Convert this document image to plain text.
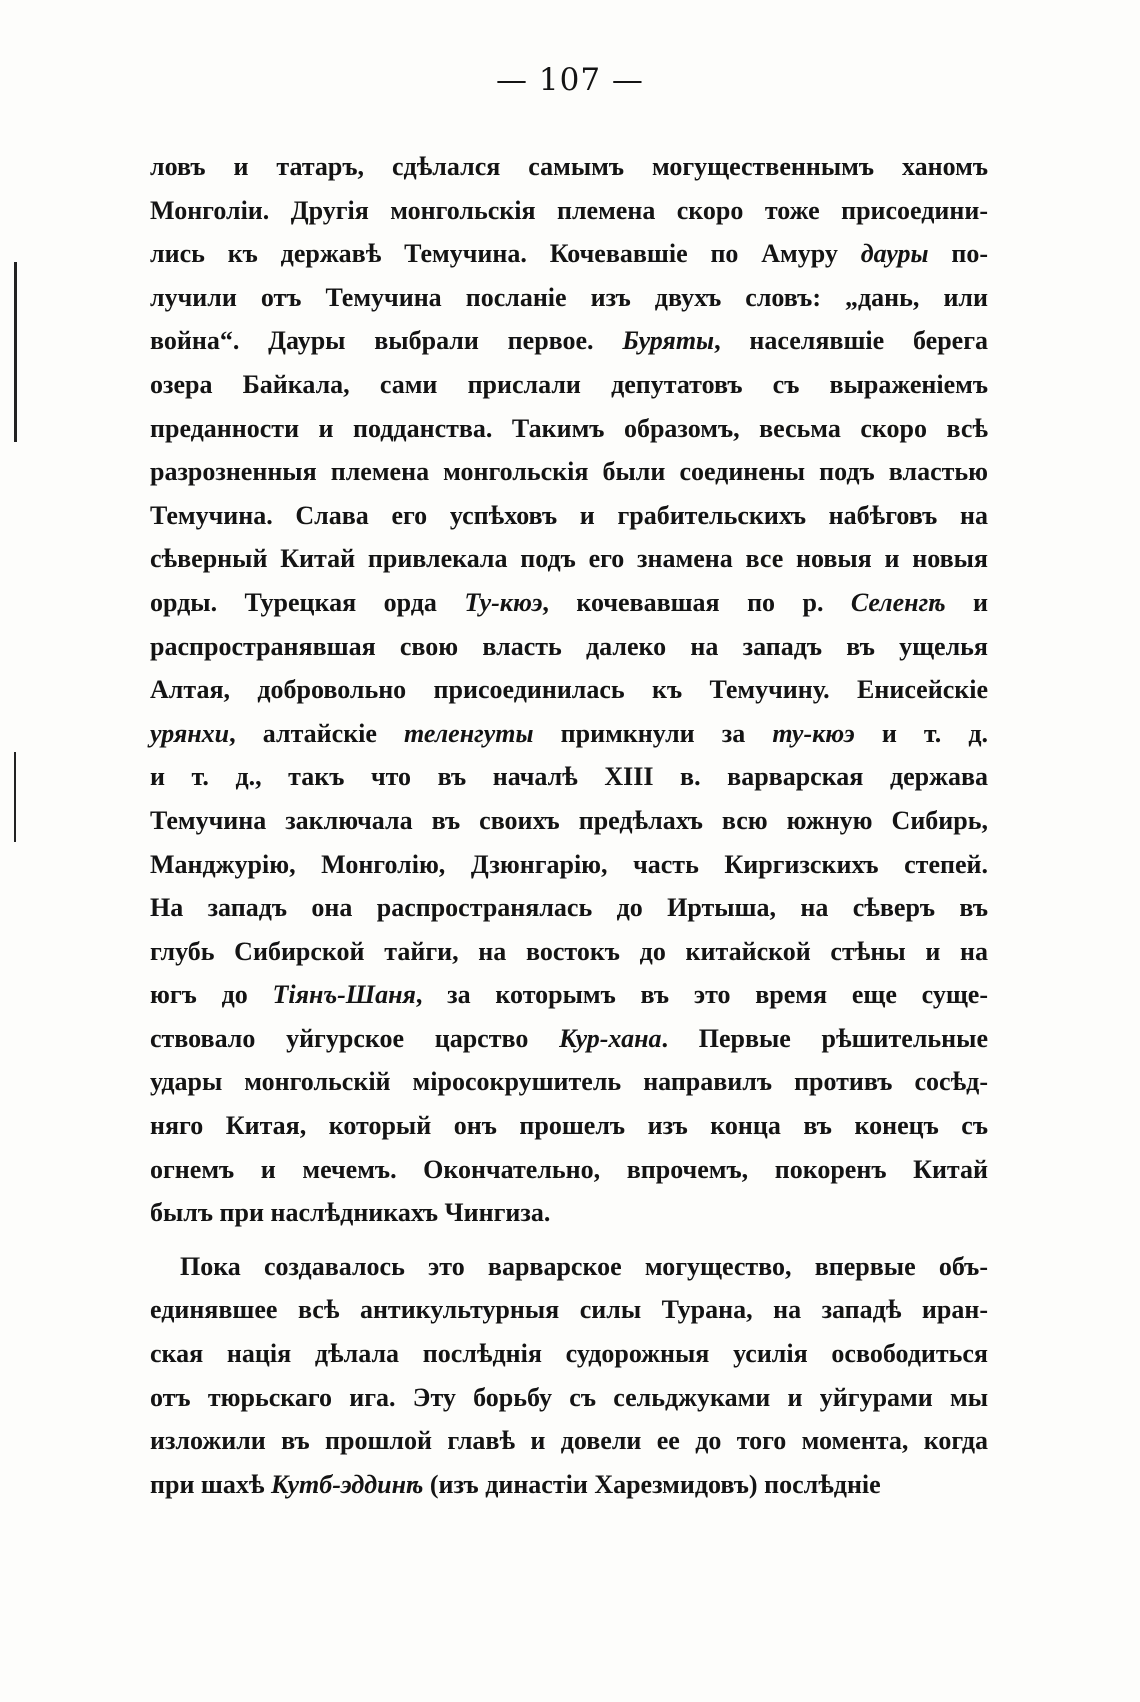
— 107 —
ловъ и татаръ, сдѣлался самымъ могущественнымъ ханомъ
Монголіи. Другія монгольскія племена скоро тоже присоедини-
лись къ державѣ Темучина. Кочевавшіе по Амуру дауры по-
лучили отъ Темучина посланіе изъ двухъ словъ: „дань, или
война“. Дауры выбрали первое. Буряты, населявшіе берега
озера Байкала, сами прислали депутатовъ съ выраженіемъ
преданности и подданства. Такимъ образомъ, весьма скоро всѣ
разрозненныя племена монгольскія были соединены подъ властью
Темучина. Слава его успѣховъ и грабительскихъ набѣговъ на
сѣверный Китай привлекала подъ его знамена все новыя и новыя
орды. Турецкая орда Ту-кюэ, кочевавшая по р. Селенгѣ и
распространявшая свою власть далеко на западъ въ ущелья
Алтая, добровольно присоединилась къ Темучину. Енисейскіе
урянхи, алтайскіе теленгуты примкнули за ту-кюэ и т. д.
и т. д., такъ что въ началѣ XIII в. варварская держава
Темучина заключала въ своихъ предѣлахъ всю южную Сибирь,
Манджурію, Монголію, Дзюнгарію, часть Киргизскихъ степей.
На западъ она распространялась до Иртыша, на сѣверъ въ
глубь Сибирской тайги, на востокъ до китайской стѣны и на
югъ до Тіянъ-Шаня, за которымъ въ это время еще суще-
ствовало уйгурское царство Кур-хана. Первые рѣшительные
удары монгольскій міросокрушитель направилъ противъ сосѣд-
няго Китая, который онъ прошелъ изъ конца въ конецъ съ
огнемъ и мечемъ. Окончательно, впрочемъ, покоренъ Китай
былъ при наслѣдникахъ Чингиза.
Пока создавалось это варварское могущество, впервые объ-
единявшее всѣ антикультурныя силы Турана, на западѣ иран-
ская нація дѣлала послѣднія судорожныя усилія освободиться
отъ тюрьскаго ига. Эту борьбу съ сельджуками и уйгурами мы
изложили въ прошлой главѣ и довели ее до того момента, когда
при шахѣ Кутб-эддинѣ (изъ династіи Харезмидовъ) послѣдніе
